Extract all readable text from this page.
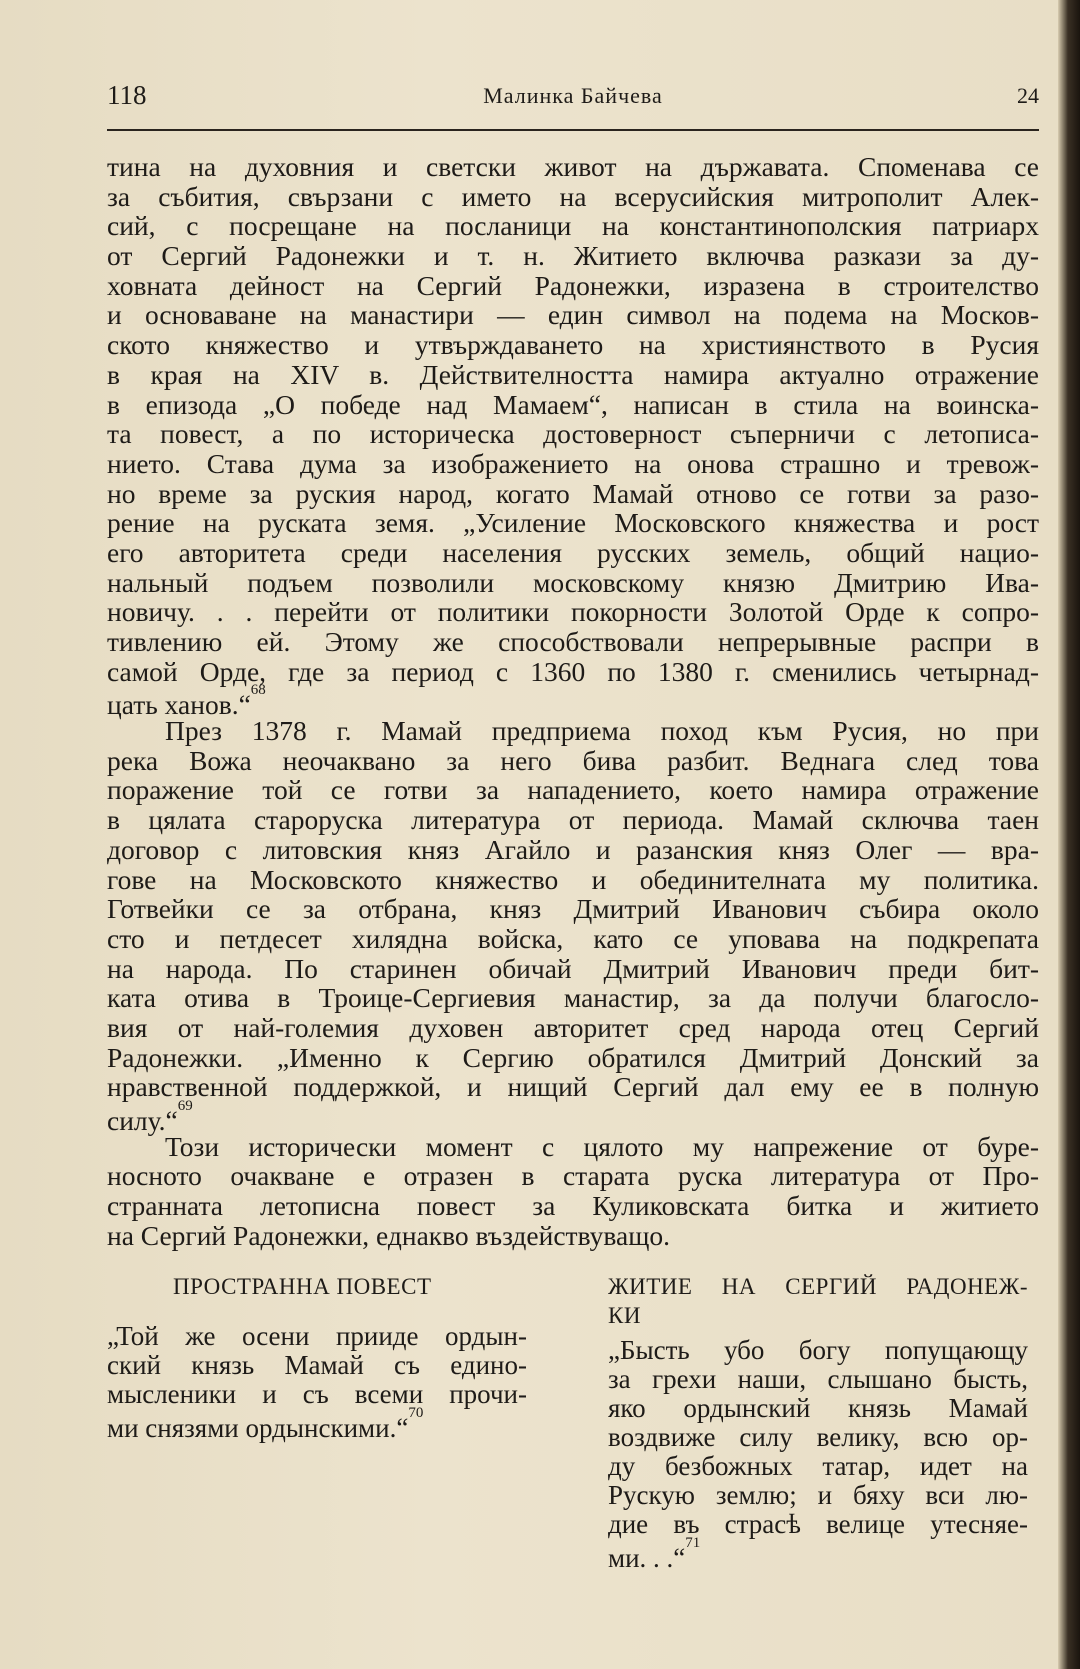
118	Малинка Байчева	24
тина на духовния и светски живот на държавата. Споменава се
за събития, свързани с името на всерусийския митрополит Алек-
сий, с посрещане на посланици на константинополския патриарх
от Сергий Радонежки и т. н. Житието включва разкази за ду-
ховната дейност на Сергий Радонежки, изразена в строителство
и основаване на манастири — един символ на подема на Москов-
ското княжество и утвърждаването на християнството в Русия
в края на XIV в. Действителността намира актуално отражение
в епизода „О победе над Мамаем“, написан в стила на воинска-
та повест, а по историческа достоверност съперничи с летописа-
нието. Става дума за изображението на онова страшно и тревож-
но време за руския народ, когато Мамай отново се готви за разо-
рение на руската земя. „Усиление Московского княжества и рост
его авторитета среди населения русских земель, общий нацио-
нальный подъем позволили московскому князю Дмитрию Ива-
новичу. . . перейти от политики покорности Золотой Орде к сопро-
тивлению ей. Этому же способствовали непрерывные распри в
самой Орде, где за период с 1360 по 1380 г. сменились четырнад-
цать ханов.“$^{68}$
През 1378 г. Мамай предприема поход към Русия, но при
река Вожа неочаквано за него бива разбит. Веднага след това
поражение той се готви за нападението, което намира отражение
в цялата староруска литература от периода. Мамай сключва таен
договор с литовския княз Агайло и разанския княз Олег — вра-
гове на Московското княжество и обединителната му политика.
Готвейки се за отбрана, княз Дмитрий Иванович събира около
сто и петдесет хилядна войска, като се уповава на подкрепата
на народа. По старинен обичай Дмитрий Иванович преди бит-
ката отива в Троице-Сергиевия манастир, за да получи благосло-
вия от най-големия духовен авторитет сред народа отец Сергий
Радонежки. „Именно к Сергию обратился Дмитрий Донский за
нравственной поддержкой, и нищий Сергий дал ему ее в полную
силу.“$^{69}$
Този исторически момент с цялото му напрежение от буре-
носното очакване е отразен в старата руска литература от Про-
странната летописна повест за Куликовската битка и житието
на Сергий Радонежки, еднакво въздействуващо.
ПРОСТРАННА ПОВЕСТ
„Той же осени прииде ордын-
ский князь Мамай съ едино-
мысленики и съ всеми прочи-
ми снязями ордынскими.“$^{70}$
ЖИТИЕ НА СЕРГИЙ РАДОНЕЖ-
КИ
„Бысть убо богу попущающу
за грехи наши, слышано бысть,
яко ордынский князь Мамай
воздвиже силу велику, всю ор-
ду безбожных татар, идет на
Рускую землю; и бяху вси лю-
дие въ страсѣ велице утесняе-
ми. . .“$^{71}$
